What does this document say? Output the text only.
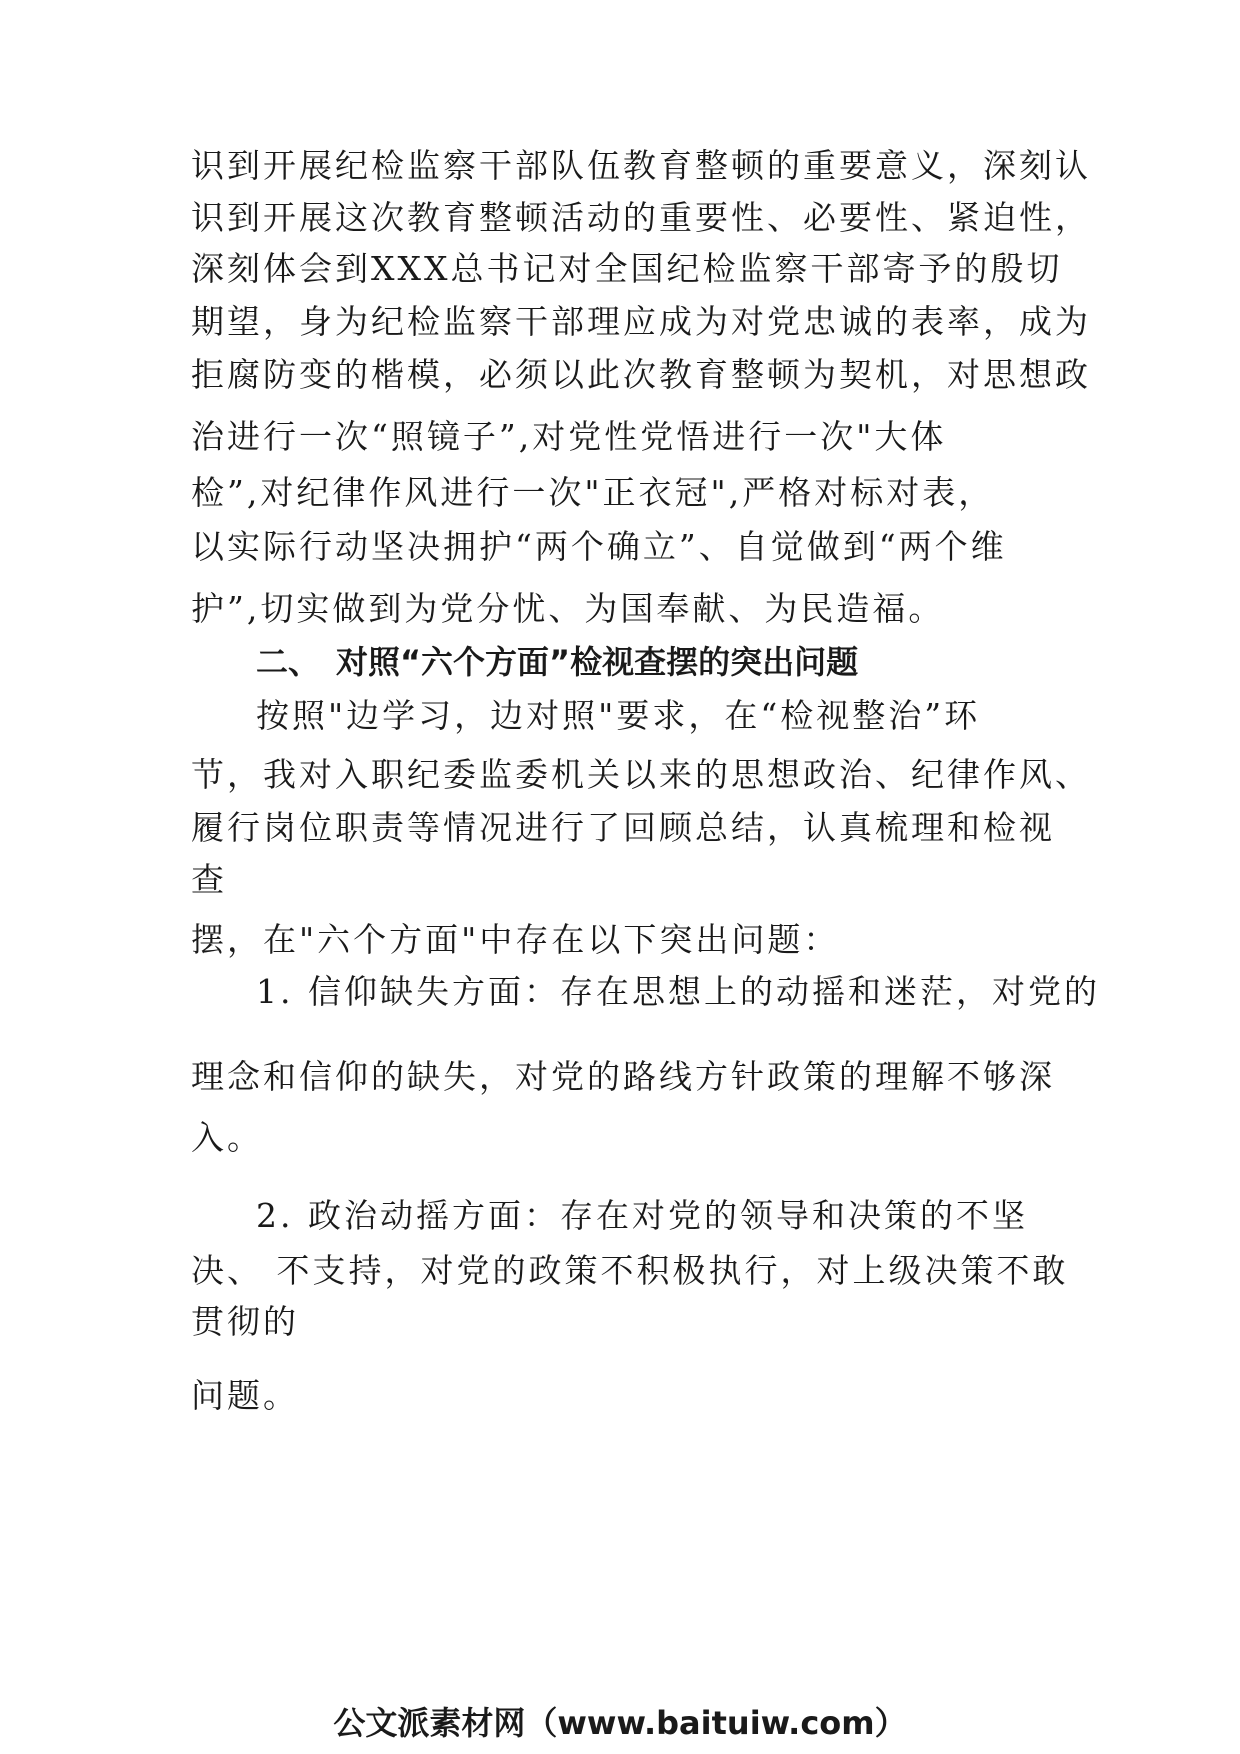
识到开展纪检监察干部队伍教育整顿的重要意义，深刻认
识到开展这次教育整顿活动的重要性、必要性、紧迫性，
深刻体会到XXX总书记对全国纪检监察干部寄予的殷切
期望，身为纪检监察干部理应成为对党忠诚的表率，成为
拒腐防变的楷模，必须以此次教育整顿为契机，对思想政
治进行一次“照镜子”,对党性党悟进行一次"大体
检”,对纪律作风进行一次"正衣冠",严格对标对表，
以实际行动坚决拥护“两个确立”、自觉做到“两个维
护”,切实做到为党分忧、为国奉献、为民造福。
二、 对照“六个方面”检视查摆的突出问题
按照"边学习，边对照"要求，在“检视整治”环
节，我对入职纪委监委机关以来的思想政治、纪律作风、
履行岗位职责等情况进行了回顾总结，认真梳理和检视
查
摆，在"六个方面"中存在以下突出问题：
1. 信仰缺失方面：存在思想上的动摇和迷茫，对党的
理念和信仰的缺失，对党的路线方针政策的理解不够深
入。
2. 政治动摇方面：存在对党的领导和决策的不坚
决、 不支持，对党的政策不积极执行，对上级决策不敢
贯彻的
问题。
公文派素材网（www.baituiw.com）
